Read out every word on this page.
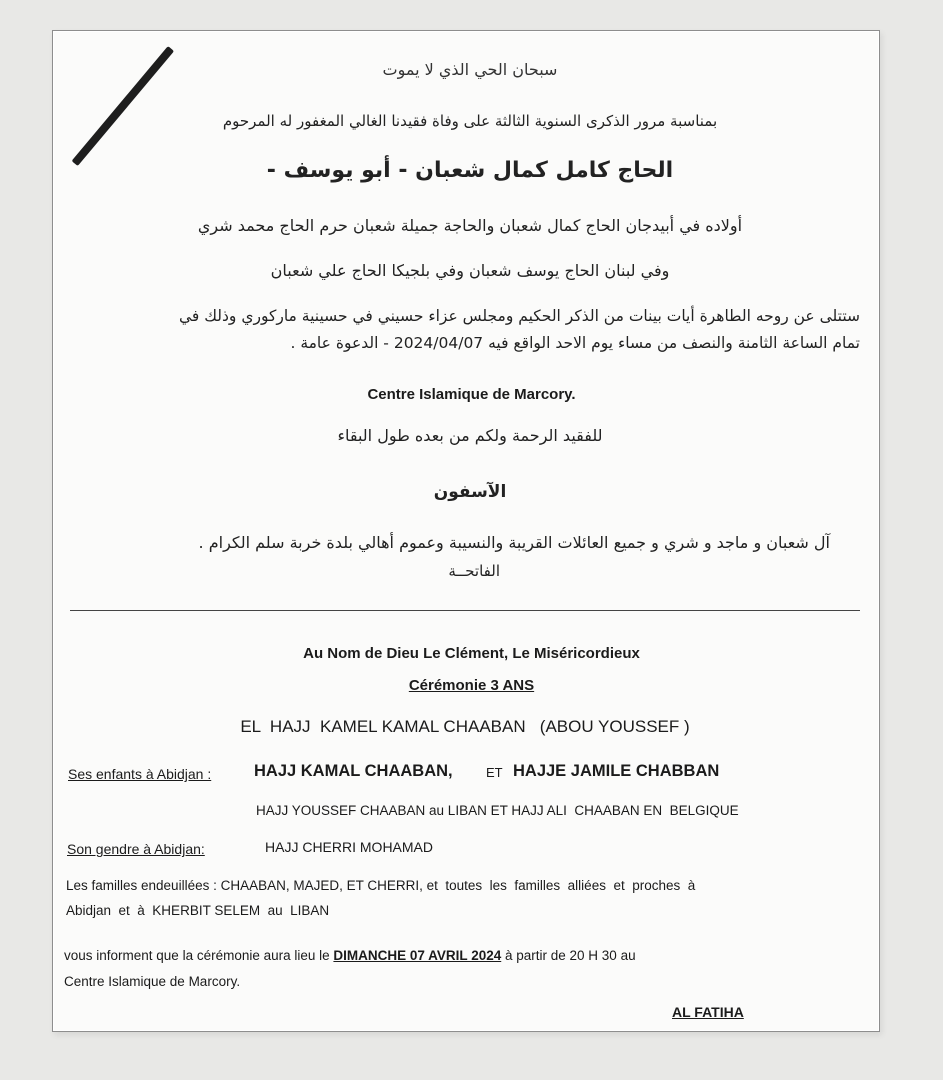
سبحان الحي الذي لا يموت
بمناسبة مرور الذكرى السنوية الثالثة على وفاة فقيدنا الغالي المغفور له المرحوم
الحاج كامل كمال شعبان - أبو يوسف -
أولاده في أبيدجان الحاج كمال شعبان والحاجة جميلة شعبان حرم الحاج محمد شري
وفي لبنان الحاج يوسف شعبان وفي بلجيكا الحاج علي شعبان
ستتلى عن روحه الطاهرة أيات بينات من الذكر الحكيم ومجلس عزاء حسيني في حسينية ماركوري وذلك في
تمام الساعة الثامنة والنصف من مساء يوم الاحد الواقع فيه 2024/04/07 - الدعوة عامة .
Centre Islamique de Marcory.
للفقيد الرحمة ولكم من بعده طول البقاء
الآسفون
آل شعبان و ماجد و شري و جميع العائلات القريبة والنسيبة وعموم أهالي بلدة خربة سلم الكرام .
الفاتحــة
Au Nom de Dieu Le Clément, Le Miséricordieux
Cérémonie 3 ANS
EL  HAJJ  KAMEL KAMAL CHAABAN   (ABOU YOUSSEF )
Ses enfants à Abidjan :	HAJJ KAMAL CHAABAN,	ET HAJJE JAMILE CHABBAN
HAJJ YOUSSEF CHAABAN au LIBAN ET HAJJ ALI  CHAABAN EN  BELGIQUE
Son gendre à Abidjan:	HAJJ CHERRI MOHAMAD
Les familles endeuillées : CHAABAN, MAJED, ET CHERRI, et  toutes  les  familles  alliées  et  proches  à
Abidjan  et  à  KHERBIT SELEM  au  LIBAN
vous informent que la cérémonie aura lieu le DIMANCHE 07 AVRIL 2024 à partir de 20 H 30 au
Centre Islamique de Marcory.
AL FATIHA
